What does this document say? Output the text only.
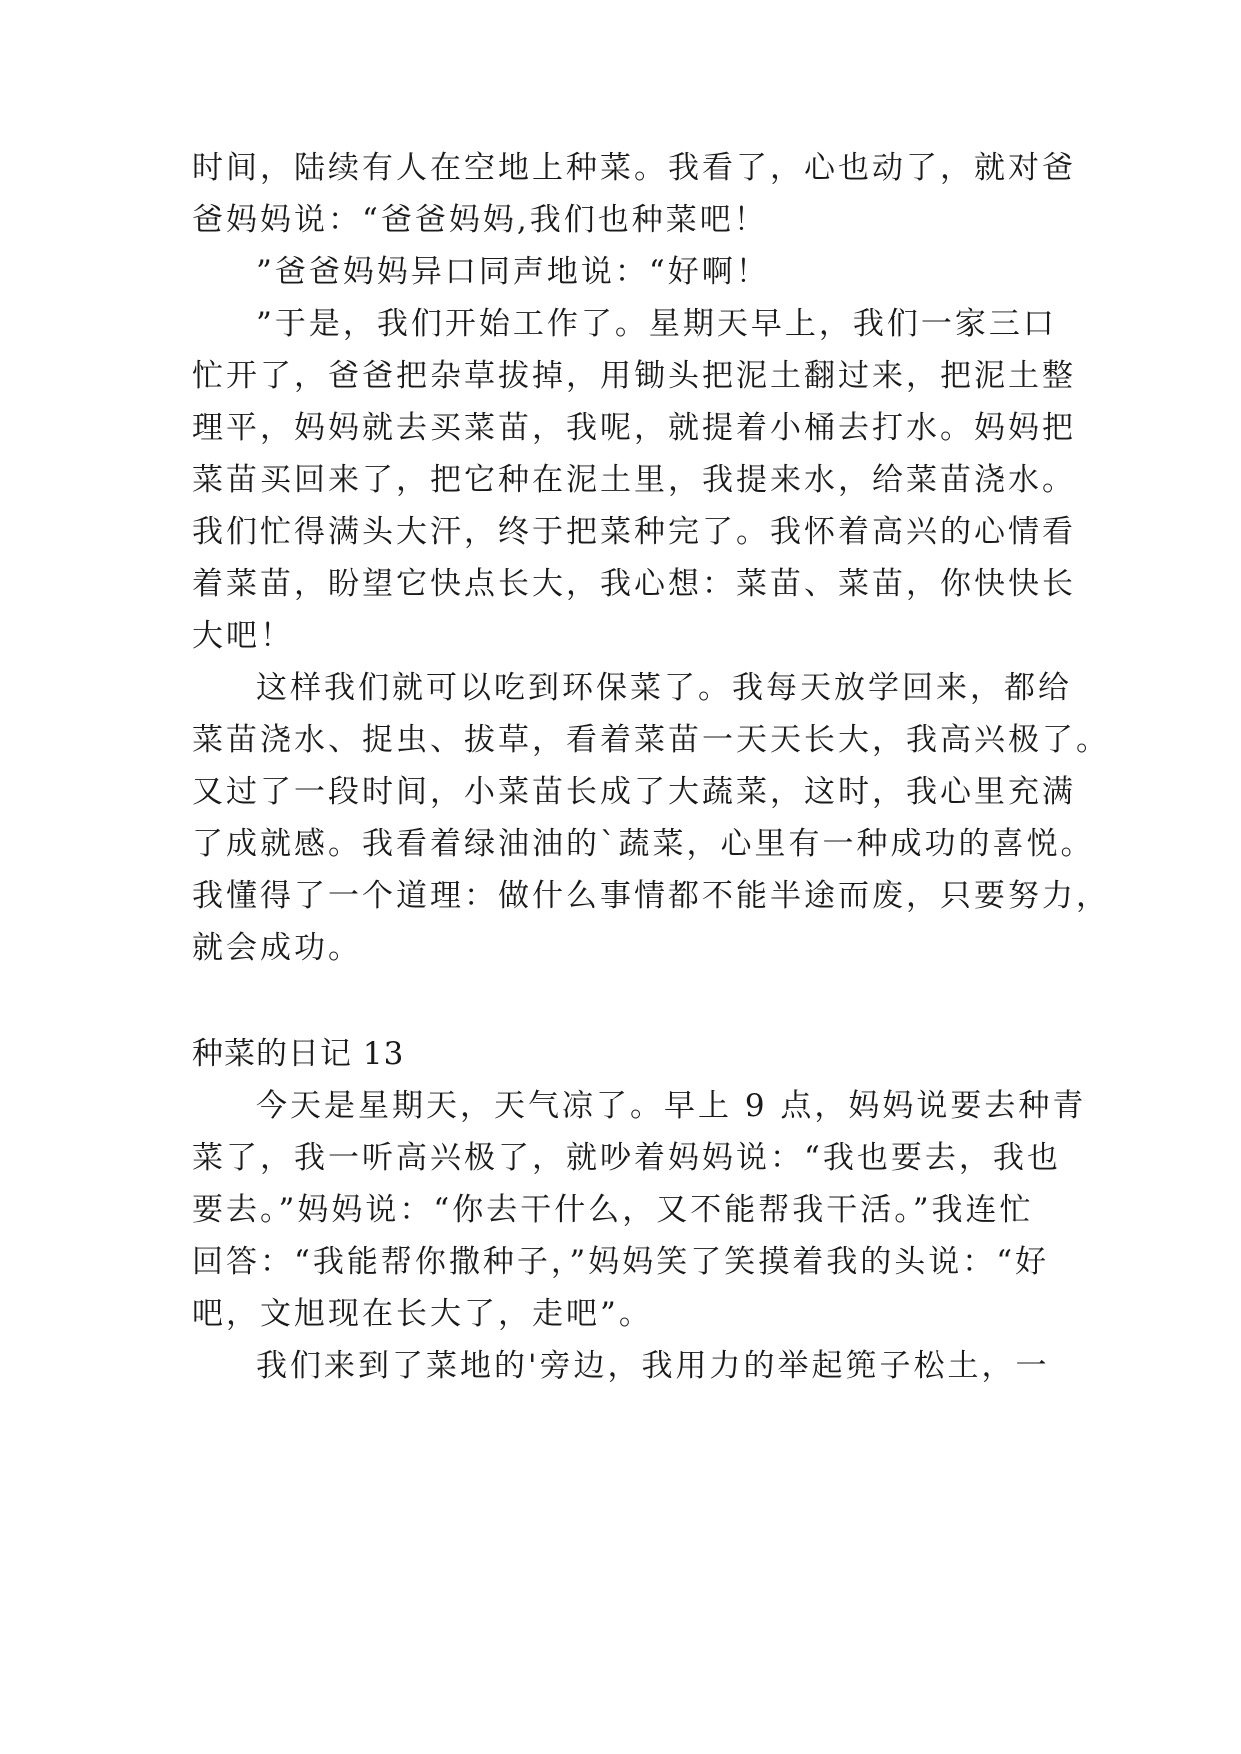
时间，陆续有人在空地上种菜。我看了，心也动了，就对爸
爸妈妈说：“爸爸妈妈,我们也种菜吧！
”爸爸妈妈异口同声地说：“好啊！
”于是，我们开始工作了。星期天早上，我们一家三口
忙开了，爸爸把杂草拔掉，用锄头把泥土翻过来，把泥土整
理平，妈妈就去买菜苗，我呢，就提着小桶去打水。妈妈把
菜苗买回来了，把它种在泥土里，我提来水，给菜苗浇水。
我们忙得满头大汗，终于把菜种完了。我怀着高兴的心情看
着菜苗，盼望它快点长大，我心想：菜苗、菜苗，你快快长
大吧！
这样我们就可以吃到环保菜了。我每天放学回来，都给
菜苗浇水、捉虫、拔草，看着菜苗一天天长大，我高兴极了。
又过了一段时间，小菜苗长成了大蔬菜，这时，我心里充满
了成就感。我看着绿油油的`蔬菜，心里有一种成功的喜悦。
我懂得了一个道理：做什么事情都不能半途而废，只要努力，
就会成功。
种菜的日记 13
今天是星期天，天气凉了。早上 9 点，妈妈说要去种青
菜了，我一听高兴极了，就吵着妈妈说：“我也要去，我也
要去。”妈妈说：“你去干什么，又不能帮我干活。”我连忙
回答：“我能帮你撒种子，”妈妈笑了笑摸着我的头说：“好
吧，文旭现在长大了，走吧”。
我们来到了菜地的'旁边，我用力的举起篼子松土，一
